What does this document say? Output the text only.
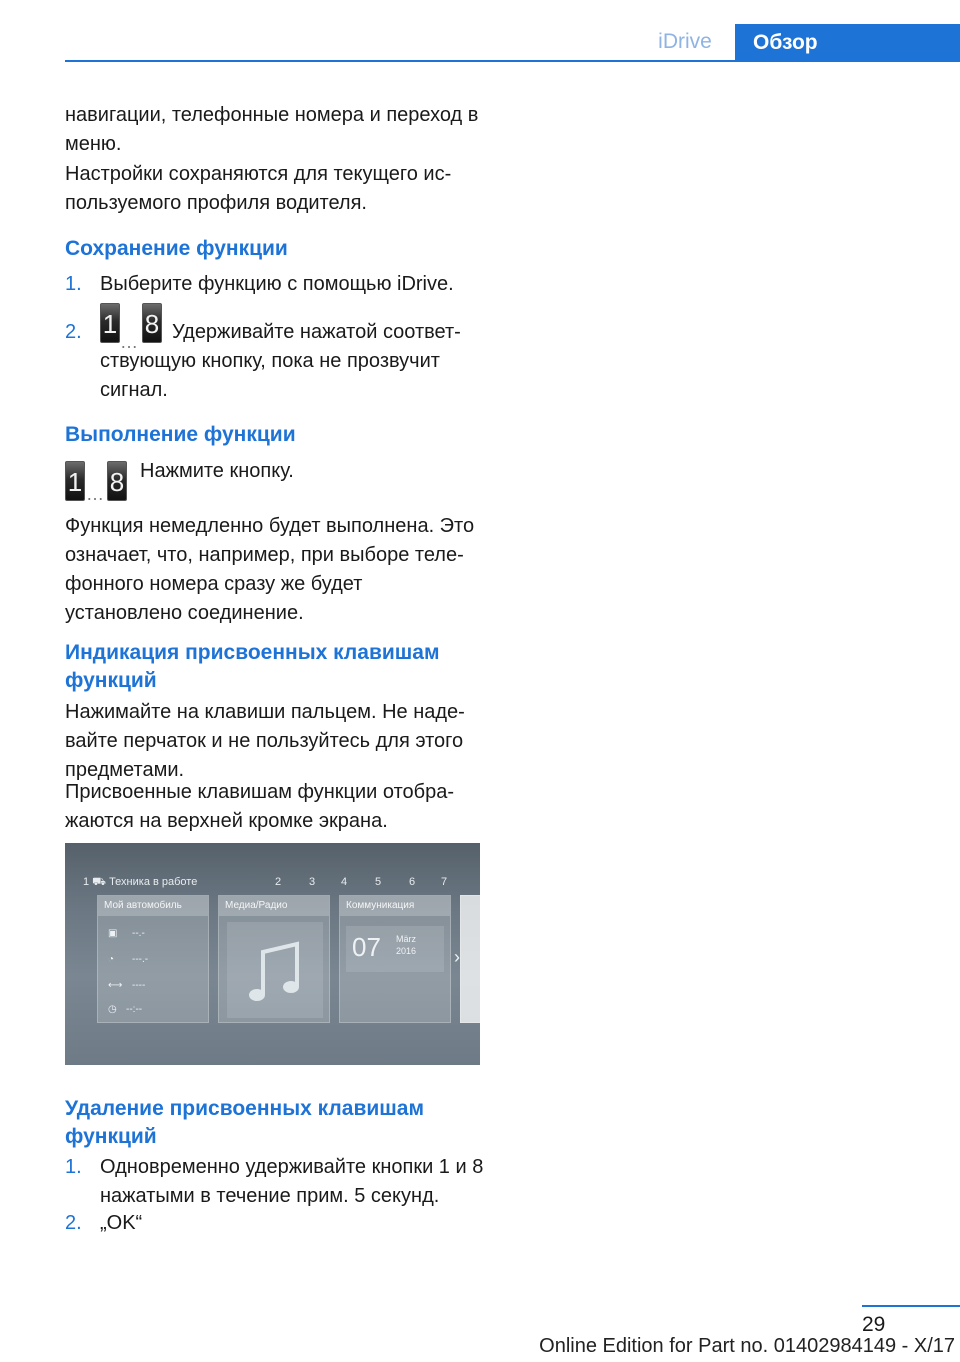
iDrive	Обзор
навигации, телефонные номера и переход в меню.
Настройки сохраняются для текущего ис-пользуемого профиля водителя.
Сохранение функции
1. Выберите функцию с помощью iDrive.
2. 1
…
8 Удерживайте нажатой соответ-ствующую кнопку, пока не прозвучит сигнал.
Выполнение функции
1 … 8 Нажмите кнопку.
Функция немедленно будет выполнена. Это означает, что, например, при выборе теле-фонного номера сразу же будет установлено соединение.
Индикация присвоенных клавишам функций
Нажимайте на клавиши пальцем. Не наде-вайте перчаток и не пользуйтесь для этого предметами.
Присвоенные клавишам функции отобра-жаются на верхней кромке экрана.
1 ⛟ Техника в работе	2	3 4	5	6 7
Мой автомобиль
▣ --.-
◔ ---.-
⟷ ----
◷ --:--
Медиа/Радио	Коммуникация
07 März
2016 ›
Удаление присвоенных клавишам функций
1. Одновременно удерживайте кнопки 1 и 8 нажатыми в течение прим. 5 секунд.
2. „OK“
29
Online Edition for Part no. 01402984149 - X/17
